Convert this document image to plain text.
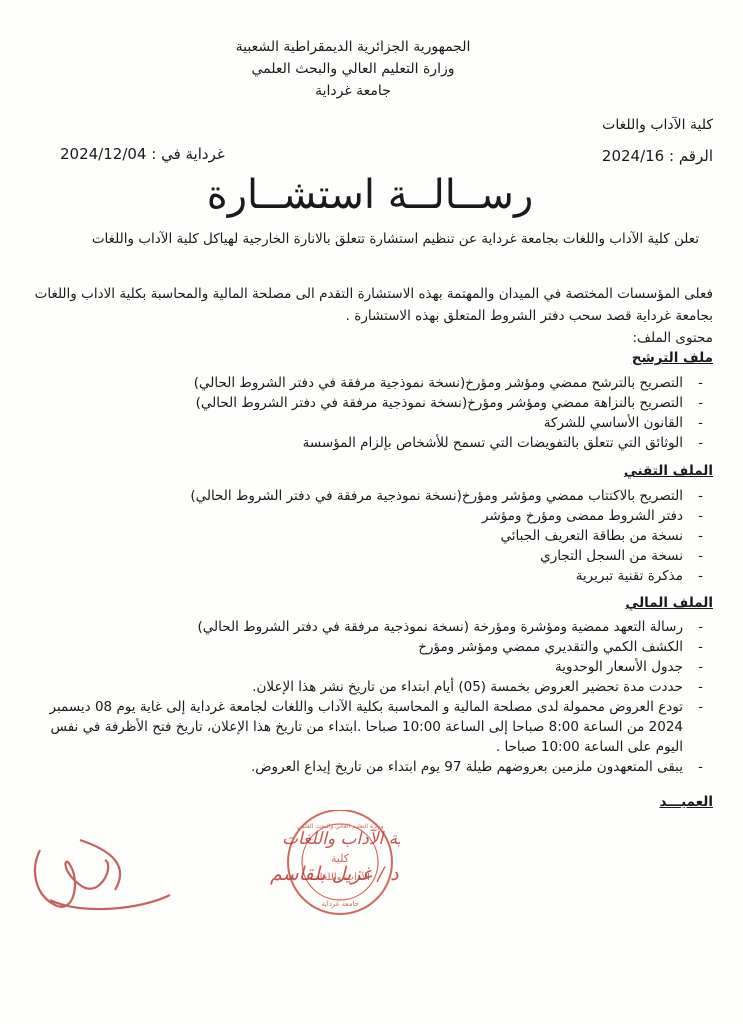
الجمهورية الجزائرية الديمقراطية الشعبية
وزارة التعليم العالي والبحث العلمي
جامعة غرداية
كلية الآداب واللغات
الرقم : 2024/16
غرداية في : 2024/12/04
رســالــة استشــارة
تعلن كلية الآداب واللغات بجامعة غرداية عن تنظيم استشارة تتعلق بالانارة الخارجية لهياكل كلية الآداب واللغات
فعلى المؤسسات المختصة في الميدان والمهتمة بهذه الاستشارة التقدم الى مصلحة المالية والمحاسبة بكلية الاداب واللغات بجامعة غرداية قصد سحب دفتر الشروط المتعلق بهذه الاستشارة .
محتوى الملف:
ملف الترشح
- التصريح بالترشح ممضي ومؤشر ومؤرخ(نسخة نموذجية مرفقة في دفتر الشروط الحالي)
- التصريح بالنزاهة ممضي ومؤشر ومؤرخ(نسخة نموذجية مرفقة في دفتر الشروط الحالي)
- القانون الأساسي للشركة
- الوثائق التي تتعلق بالتفويضات التي تسمح للأشخاص بإلزام المؤسسة
الملف التقني
- التصريح بالاكتتاب ممضي ومؤشر ومؤرخ(نسخة نموذجية مرفقة في دفتر الشروط الحالي)
- دفتر الشروط ممضى ومؤرخ ومؤشر
- نسخة من بطاقة التعريف الجبائي
- نسخة من السجل التجاري
- مذكرة تقنية تبريرية
الملف المالي
- رسالة التعهد ممضية ومؤشرة ومؤرخة (نسخة نموذجية مرفقة في دفتر الشروط الحالي)
- الكشف الكمي والتقديري ممضي ومؤشر ومؤرخ
- جدول الأسعار الوحدوية
- حددت مدة تحضير العروض بخمسة (05) أيام ابتداء من تاريخ نشر هذا الإعلان.
- تودع العروض محمولة لدى مصلحة المالية و المحاسبة بكلية الآداب واللغات لجامعة غرداية إلى غاية يوم 08 ديسمبر 2024 من الساعة 8:00 صباحا إلى الساعة 10:00 صباحا .ابتداء من تاريخ هذا الإعلان، تاريخ فتح الأظرفة في نفس اليوم على الساعة 10:00 صباحا .
- يبقى المتعهدون ملزمين بعروضهم طيلة 97 يوم ابتداء من تاريخ إيداع العروض.
العميـــد
كلية
الآداب واللغات
وزارة التعليم العالي والبحث العلمي
جامعة غرداية
ة الآداب واللغات
د / غزيل بلقاسم
